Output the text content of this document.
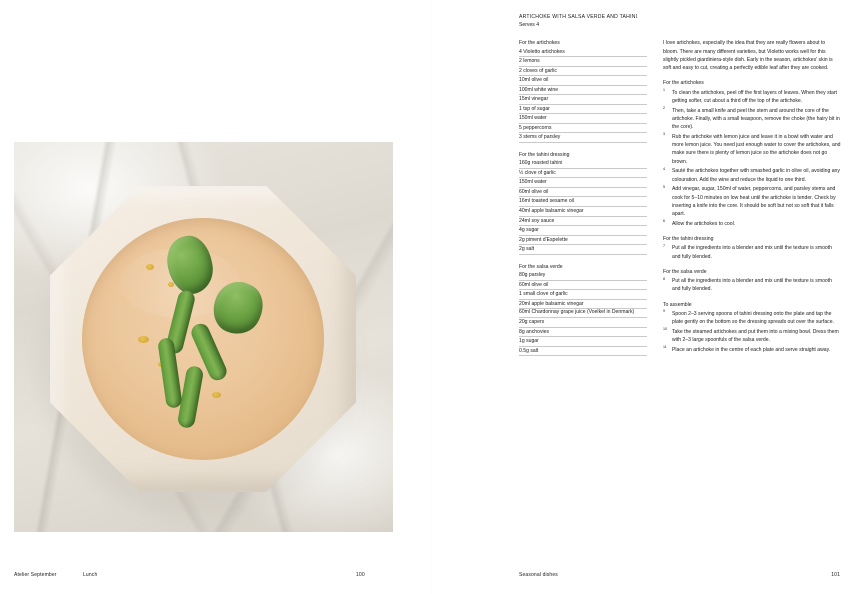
Atelier September	Lunch	100
ARTICHOKE WITH SALSA VERDE AND TAHINI
Serves 4
For the artichokes
4 Violetto artichokes
2 lemons
2 cloves of garlic
10ml olive oil
100ml white wine
15ml vinegar
1 tsp of sugar
150ml water
5 peppercorns
3 stems of parsley
For the tahini dressing
160g roasted tahini
½ clove of garlic
150ml water
60ml olive oil
16ml toasted sesame oil
40ml apple balsamic vinegar
24ml soy sauce
4g sugar
2g piment d'Espelette
2g salt
For the salsa verde
80g parsley
60ml olive oil
1 small clove of garlic
20ml apple balsamic vinegar
60ml Chardonnay grape juice (Voelkel in Denmark)
20g capers
8g anchovies
1g sugar
0.5g salt

I love artichokes, especially the idea that they are really flowers about to bloom. There are many different varieties, but Violetto works well for this slightly pickled giardiniera-style dish. Early in the season, artichokes' skin is soft and easy to cut, creating a perfectly edible leaf after they are cooked.

For the artichokes
1 To clean the artichokes, peel off the first layers of leaves. When they start getting softer, cut about a third off the top of the artichoke.
2 Then, take a small knife and peel the stem and around the core of the artichoke. Finally, with a small teaspoon, remove the choke (the hairy bit in the core).
3 Rub the artichoke with lemon juice and leave it in a bowl with water and more lemon juice. You need just enough water to cover the artichokes, and make sure there is plenty of lemon juice so the artichoke does not go brown.
4 Sauté the artichokes together with smashed garlic in olive oil, avoiding any colouration. Add the wine and reduce the liquid to one third.
5 Add vinegar, sugar, 150ml of water, peppercorns, and parsley stems and cook for 5–10 minutes on low heat until the artichoke is tender. Check by inserting a knife into the core. It should be soft but not so soft that it falls apart.
6 Allow the artichokes to cool.
For the tahini dressing
7 Put all the ingredients into a blender and mix until the texture is smooth and fully blended.
For the salsa verde
8 Put all the ingredients into a blender and mix until the texture is smooth and fully blended.
To assemble
9 Spoon 2–3 serving spoons of tahini dressing onto the plate and tap the plate gently on the bottom so the dressing spreads out over the surface.
10 Take the steamed artichokes and put them into a mixing bowl. Dress them with 2–3 large spoonfuls of the salsa verde.
11 Place an artichoke in the centre of each plate and serve straight away.
Seasonal dishes	101
